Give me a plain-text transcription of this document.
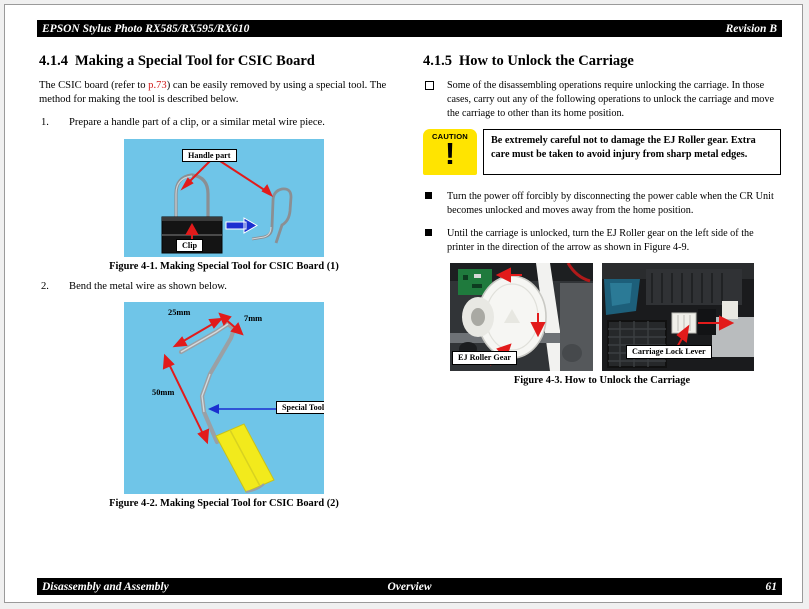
EPSON Stylus Photo RX585/RX595/RX610	Revision B
4.1.4 Making a Special Tool for CSIC Board

The CSIC board (refer to p.73) can be easily removed by using a special tool. The method for making the tool is described below.

1. Prepare a handle part of a clip, or a similar metal wire piece.
Handle part
Clip
Figure 4-1. Making Special Tool for CSIC Board (1)
2. Bend the metal wire as shown below.
25mm
7mm
50mm
Special Tool
Figure 4-2. Making Special Tool for CSIC Board (2)
4.1.5 How to Unlock the Carriage
Some of the disassembling operations require unlocking the carriage. In those cases, carry out any of the following operations to unlock the carriage and move the carriage to other than its home position.
CAUTION
!	Be extremely careful not to damage the EJ Roller gear. Extra care must be taken to avoid injury from sharp metal edges.
Turn the power off forcibly by disconnecting the power cable when the CR Unit becomes unlocked and moves away from the home position.
Until the carriage is unlocked, turn the EJ Roller gear on the left side of the printer in the direction of the arrow as shown in Figure 4-9.
EJ Roller Gear
Carriage Lock Lever
Figure 4-3. How to Unlock the Carriage
Disassembly and Assembly	Overview	61
